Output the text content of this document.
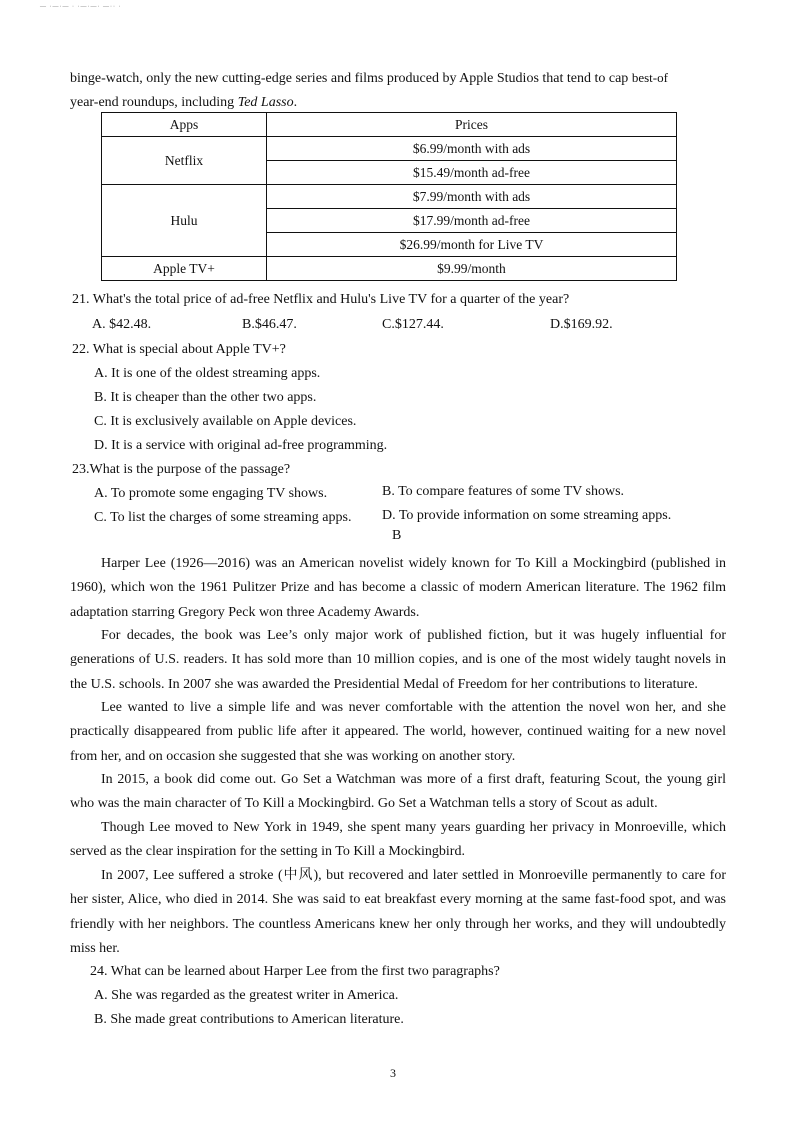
— ·—·— · ·—·—· —·· ·

binge-watch, only the new cutting-edge series and films produced by Apple Studios that tend to cap best-of
year-end roundups, including Ted Lasso.

Apps	Prices
Netflix	$6.99/month with ads
	$15.49/month ad-free
Hulu	$7.99/month with ads
	$17.99/month ad-free
	$26.99/month for Live TV
Apple TV+	$9.99/month

21. What's the total price of ad-free Netflix and Hulu's Live TV for a quarter of the year?

A. $42.48.	B.$46.47.	C.$127.44.	D.$169.92.

22. What is special about Apple TV+?

A. It is one of the oldest streaming apps.

B. It is cheaper than the other two apps.

C. It is exclusively available on Apple devices.

D. It is a service with original ad-free programming.

23.What is the purpose of the passage?

A. To promote some engaging TV shows.	B. To compare features of some TV shows.

C. To list the charges of some streaming apps. D. To provide information on some streaming apps.

B

Harper Lee (1926—2016) was an American novelist widely known for To Kill a Mockingbird (published in 1960), which won the 1961 Pulitzer Prize and has become a classic of modern American literature. The 1962 film adaptation starring Gregory Peck won three Academy Awards.

For decades, the book was Lee’s only major work of published fiction, but it was hugely influential for generations of U.S. readers. It has sold more than 10 million copies, and is one of the most widely taught novels in the U.S. schools. In 2007 she was awarded the Presidential Medal of Freedom for her contributions to literature.

Lee wanted to live a simple life and was never comfortable with the attention the novel won her, and she practically disappeared from public life after it appeared. The world, however, continued waiting for a new novel from her, and on occasion she suggested that she was working on another story.

In 2015, a book did come out. Go Set a Watchman was more of a first draft, featuring Scout, the young girl who was the main character of To Kill a Mockingbird. Go Set a Watchman tells a story of Scout as adult.

Though Lee moved to New York in 1949, she spent many years guarding her privacy in Monroeville, which served as the clear inspiration for the setting in To Kill a Mockingbird.

In 2007, Lee suffered a stroke (中风), but recovered and later settled in Monroeville permanently to care for her sister, Alice, who died in 2014. She was said to eat breakfast every morning at the same fast-food spot, and was friendly with her neighbors. The countless Americans knew her only through her works, and they will undoubtedly miss her.

24. What can be learned about Harper Lee from the first two paragraphs?

A. She was regarded as the greatest writer in America.

B. She made great contributions to American literature.

3
